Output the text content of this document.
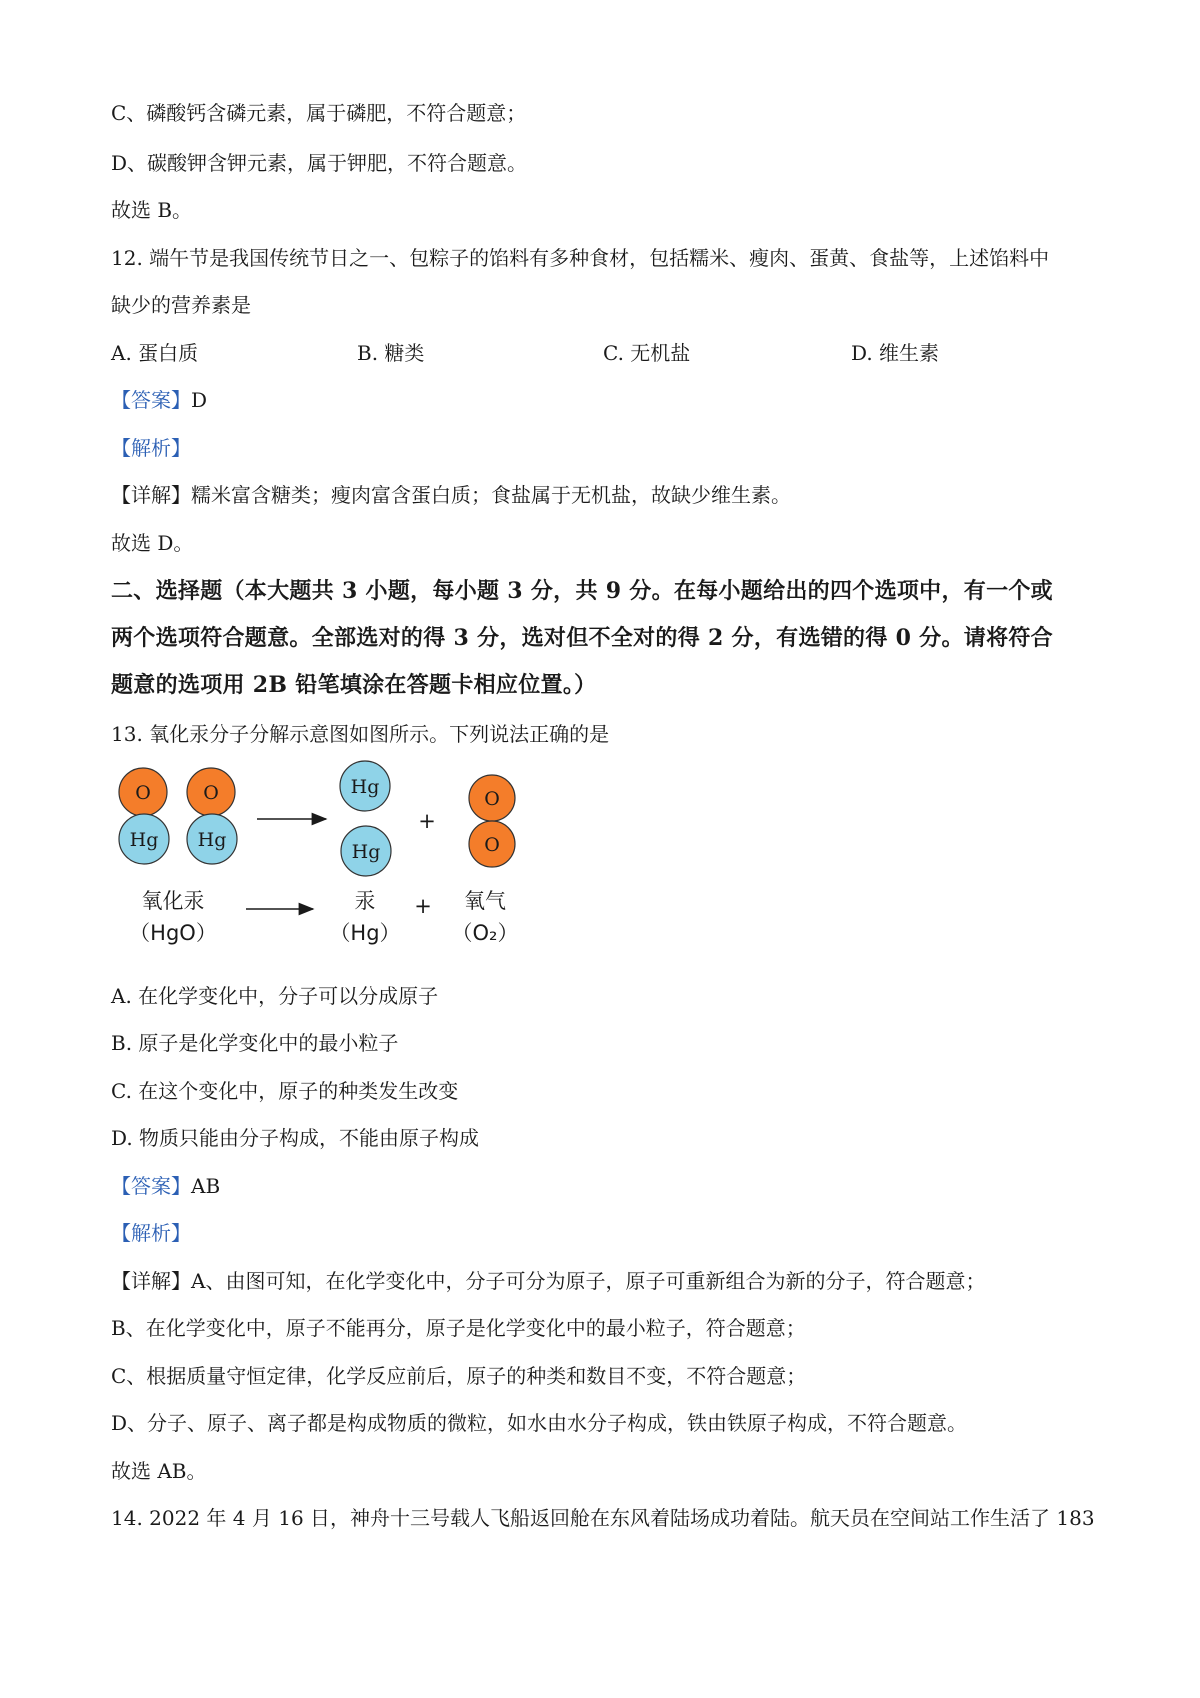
C、磷酸钙含磷元素，属于磷肥，不符合题意；
D、碳酸钾含钾元素，属于钾肥，不符合题意。
故选 B。
12. 端午节是我国传统节日之一、包粽子的馅料有多种食材，包括糯米、瘦肉、蛋黄、食盐等，上述馅料中
缺少的营养素是
A. 蛋白质	B. 糖类	C. 无机盐	D. 维生素
【答案】D
【解析】
【详解】糯米富含糖类；瘦肉富含蛋白质；食盐属于无机盐，故缺少维生素。
故选 D。
二、选择题（本大题共 3 小题，每小题 3 分，共 9 分。在每小题给出的四个选项中，有一个或
两个选项符合题意。全部选对的得 3 分，选对但不全对的得 2 分，有选错的得 0 分。请将符合
题意的选项用 2B 铅笔填涂在答题卡相应位置。）
13. 氧化汞分子分解示意图如图所示。下列说法正确的是
O
Hg
O
Hg
Hg
Hg
+
O
O
氧化汞
（HgO）
汞
（Hg）
+ 氧气
（O₂）
A. 在化学变化中，分子可以分成原子
B. 原子是化学变化中的最小粒子
C. 在这个变化中，原子的种类发生改变
D. 物质只能由分子构成，不能由原子构成
【答案】AB
【解析】
【详解】A、由图可知，在化学变化中，分子可分为原子，原子可重新组合为新的分子，符合题意；
B、在化学变化中，原子不能再分，原子是化学变化中的最小粒子，符合题意；
C、根据质量守恒定律，化学反应前后，原子的种类和数目不变，不符合题意；
D、分子、原子、离子都是构成物质的微粒，如水由水分子构成，铁由铁原子构成，不符合题意。
故选 AB。
14. 2022 年 4 月 16 日，神舟十三号载人飞船返回舱在东风着陆场成功着陆。航天员在空间站工作生活了 183
